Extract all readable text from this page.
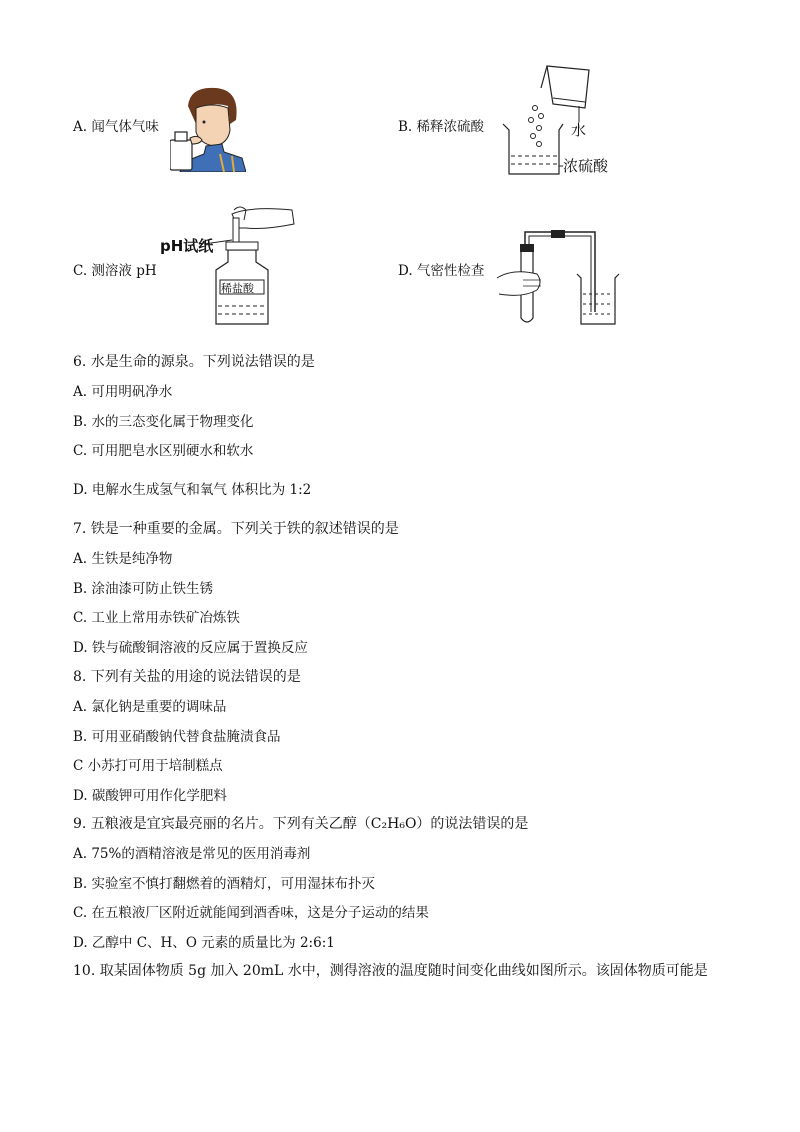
A. 闻气体气味	B. 稀释浓硫酸	水
浓硫酸
C. 测溶液 pH
pH试纸
稀盐酸
D. 气密性检查
6. 水是生命的源泉。下列说法错误的是
A. 可用明矾净水
B. 水的三态变化属于物理变化
C. 可用肥皂水区别硬水和软水
D. 电解水生成氢气和氧气 体积比为 1:2
7. 铁是一种重要的金属。下列关于铁的叙述错误的是
A. 生铁是纯净物
B. 涂油漆可防止铁生锈
C. 工业上常用赤铁矿冶炼铁
D. 铁与硫酸铜溶液的反应属于置换反应
8. 下列有关盐的用途的说法错误的是
A. 氯化钠是重要的调味品
B. 可用亚硝酸钠代替食盐腌渍食品
C 小苏打可用于培制糕点
D. 碳酸钾可用作化学肥料
9. 五粮液是宜宾最亮丽的名片。下列有关乙醇（C₂H₆O）的说法错误的是
A. 75%的酒精溶液是常见的医用消毒剂
B. 实验室不慎打翻燃着的酒精灯，可用湿抹布扑灭
C. 在五粮液厂区附近就能闻到酒香味，这是分子运动的结果
D. 乙醇中 C、H、O 元素的质量比为 2:6:1
10. 取某固体物质 5g 加入 20mL 水中，测得溶液的温度随时间变化曲线如图所示。该固体物质可能是
